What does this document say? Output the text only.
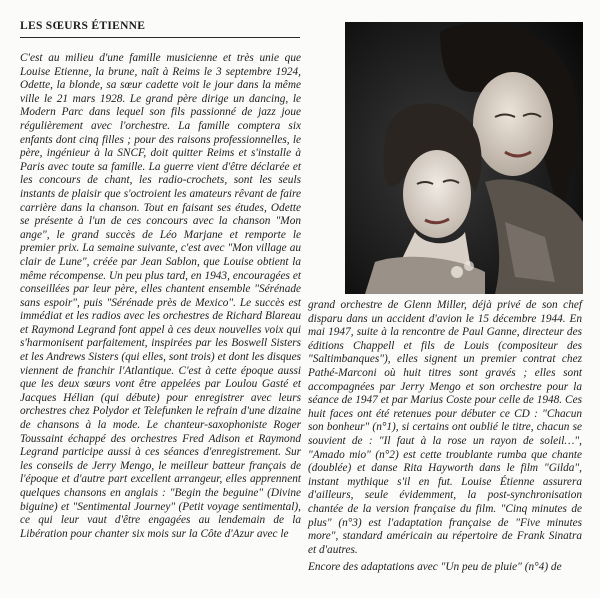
LES SŒURS ÉTIENNE

C'est au milieu d'une famille musicienne et très unie que Louise Etienne, la brune, naît à Reims le 3 septembre 1924, Odette, la blonde, sa sœur cadette voit le jour dans la même ville le 21 mars 1928. Le grand père dirige un dancing, le Modern Parc dans lequel son fils passionné de jazz joue régulièrement avec l'orchestre. La famille comptera six enfants dont cinq filles ; pour des raisons professionnelles, le père, ingénieur à la SNCF, doit quitter Reims et s'installe à Paris avec toute sa famille. La guerre vient d'être déclarée et les concours de chant, les radio-crochets, sont les seuls instants de plaisir que s'octroient les amateurs rêvant de faire carrière dans la chanson. Tout en faisant ses études, Odette se présente à l'un de ces concours avec la chanson "Mon ange", le grand succès de Léo Marjane et remporte le premier prix. La semaine suivante, c'est avec "Mon village au clair de Lune", créée par Jean Sablon, que Louise obtient la même récompense. Un peu plus tard, en 1943, encouragées et conseillées par leur père, elles chantent ensemble "Sérénade sans espoir", puis "Sérénade près de Mexico". Le succès est immédiat et les radios avec les orchestres de Richard Blareau et Raymond Legrand font appel à ces deux nouvelles voix qui s'harmonisent parfaitement, inspirées par les Boswell Sisters et les Andrews Sisters (qui elles, sont trois) et dont les disques viennent de franchir l'Atlantique. C'est à cette époque aussi que les deux sœurs vont être appelées par Loulou Gasté et Jacques Hélian (qui débute) pour enregistrer avec leurs orchestres chez Polydor et Telefunken le refrain d'une dizaine de chansons à la mode. Le chanteur-saxophoniste Roger Toussaint échappé des orchestres Fred Adison et Raymond Legrand participe aussi à ces séances d'enregistrement. Sur les conseils de Jerry Mengo, le meilleur batteur français de l'époque et d'autre part excellent arrangeur, elles apprennent quelques chansons en anglais : "Begin the beguine" (Divine biguine) et "Sentimental Journey" (Petit voyage sentimental), ce qui leur vaut d'être engagées au lendemain de la Libération pour chanter six mois sur la Côte d'Azur avec le

grand orchestre de Glenn Miller, déjà privé de son chef disparu dans un accident d'avion le 15 décembre 1944. En mai 1947, suite à la rencontre de Paul Ganne, directeur des éditions Chappell et fils de Louis (compositeur des "Saltimbanques"), elles signent un premier contrat chez Pathé-Marconi où huit titres sont gravés ; elles sont accompagnées par Jerry Mengo et son orchestre pour la séance de 1947 et par Marius Coste pour celle de 1948. Ces huit faces ont été retenues pour débuter ce CD : "Chacun son bonheur" (n°1), si certains ont oublié le titre, chacun se souvient de : "Il faut à la rose un rayon de soleil…", "Amado mio" (n°2) est cette troublante rumba que chante (doublée) et danse Rita Hayworth dans le film "Gilda", instant mythique s'il en fut. Louise Étienne assurera d'ailleurs, seule évidemment, la post-synchronisation chantée de la version française du film. "Cinq minutes de plus" (n°3) est l'adaptation française de "Five minutes more", standard américain au répertoire de Frank Sinatra et d'autres.

Encore des adaptations avec "Un peu de pluie" (n°4) de
